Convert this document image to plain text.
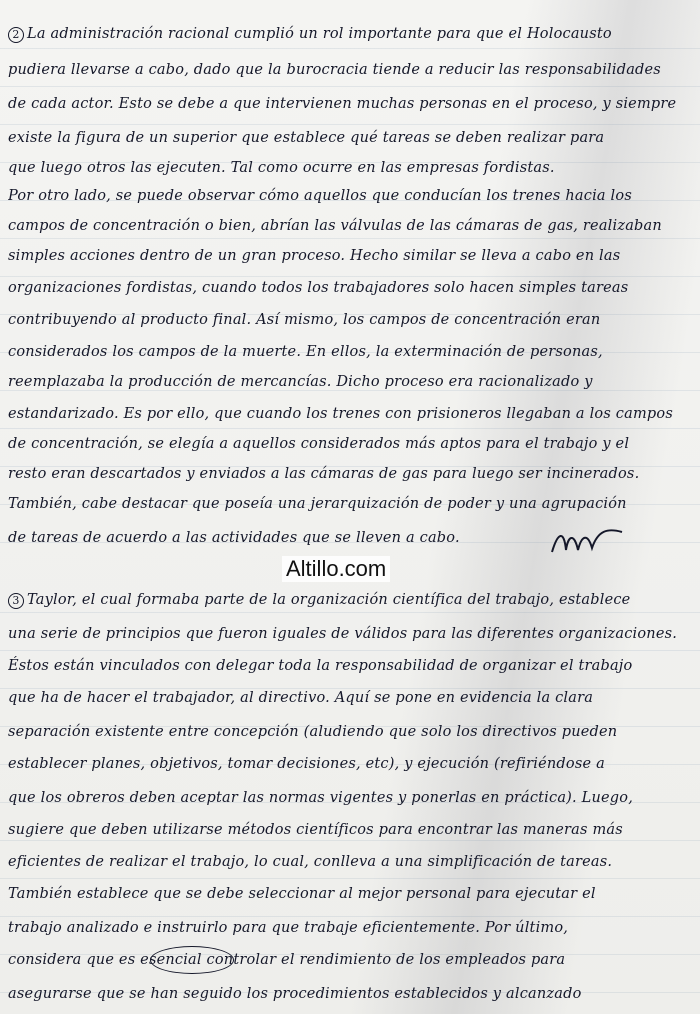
2 La administración racional cumplió un rol importante para que el Holocausto
pudiera llevarse a cabo, dado que la burocracia tiende a reducir las responsabilidades
de cada actor. Esto se debe a que intervienen muchas personas en el proceso, y siempre
existe la figura de un superior que establece qué tareas se deben realizar para
que luego otros las ejecuten. Tal como ocurre en las empresas fordistas.
Por otro lado, se puede observar cómo aquellos que conducían los trenes hacia los
campos de concentración o bien, abrían las válvulas de las cámaras de gas, realizaban
simples acciones dentro de un gran proceso. Hecho similar se lleva a cabo en las
organizaciones fordistas, cuando todos los trabajadores solo hacen simples tareas
contribuyendo al producto final. Así mismo, los campos de concentración eran
considerados los campos de la muerte. En ellos, la exterminación de personas,
reemplazaba la producción de mercancías. Dicho proceso era racionalizado y
estandarizado. Es por ello, que cuando los trenes con prisioneros llegaban a los campos
de concentración, se elegía a aquellos considerados más aptos para el trabajo y el
resto eran descartados y enviados a las cámaras de gas para luego ser incinerados.
También, cabe destacar que poseía una jerarquización de poder y una agrupación
de tareas de acuerdo a las actividades que se lleven a cabo.
Altillo.com
3 Taylor, el cual formaba parte de la organización científica del trabajo, establece
una serie de principios que fueron iguales de válidos para las diferentes organizaciones.
Éstos están vinculados con delegar toda la responsabilidad de organizar el trabajo
que ha de hacer el trabajador, al directivo. Aquí se pone en evidencia la clara
separación existente entre concepción (aludiendo que solo los directivos pueden
establecer planes, objetivos, tomar decisiones, etc), y ejecución (refiriéndose a
que los obreros deben aceptar las normas vigentes y ponerlas en práctica). Luego,
sugiere que deben utilizarse métodos científicos para encontrar las maneras más
eficientes de realizar el trabajo, lo cual, conlleva a una simplificación de tareas.
También establece que se debe seleccionar al mejor personal para ejecutar el
trabajo analizado e instruirlo para que trabaje eficientemente. Por último,
considera que es esencial controlar el rendimiento de los empleados para
asegurarse que se han seguido los procedimientos establecidos y alcanzado
